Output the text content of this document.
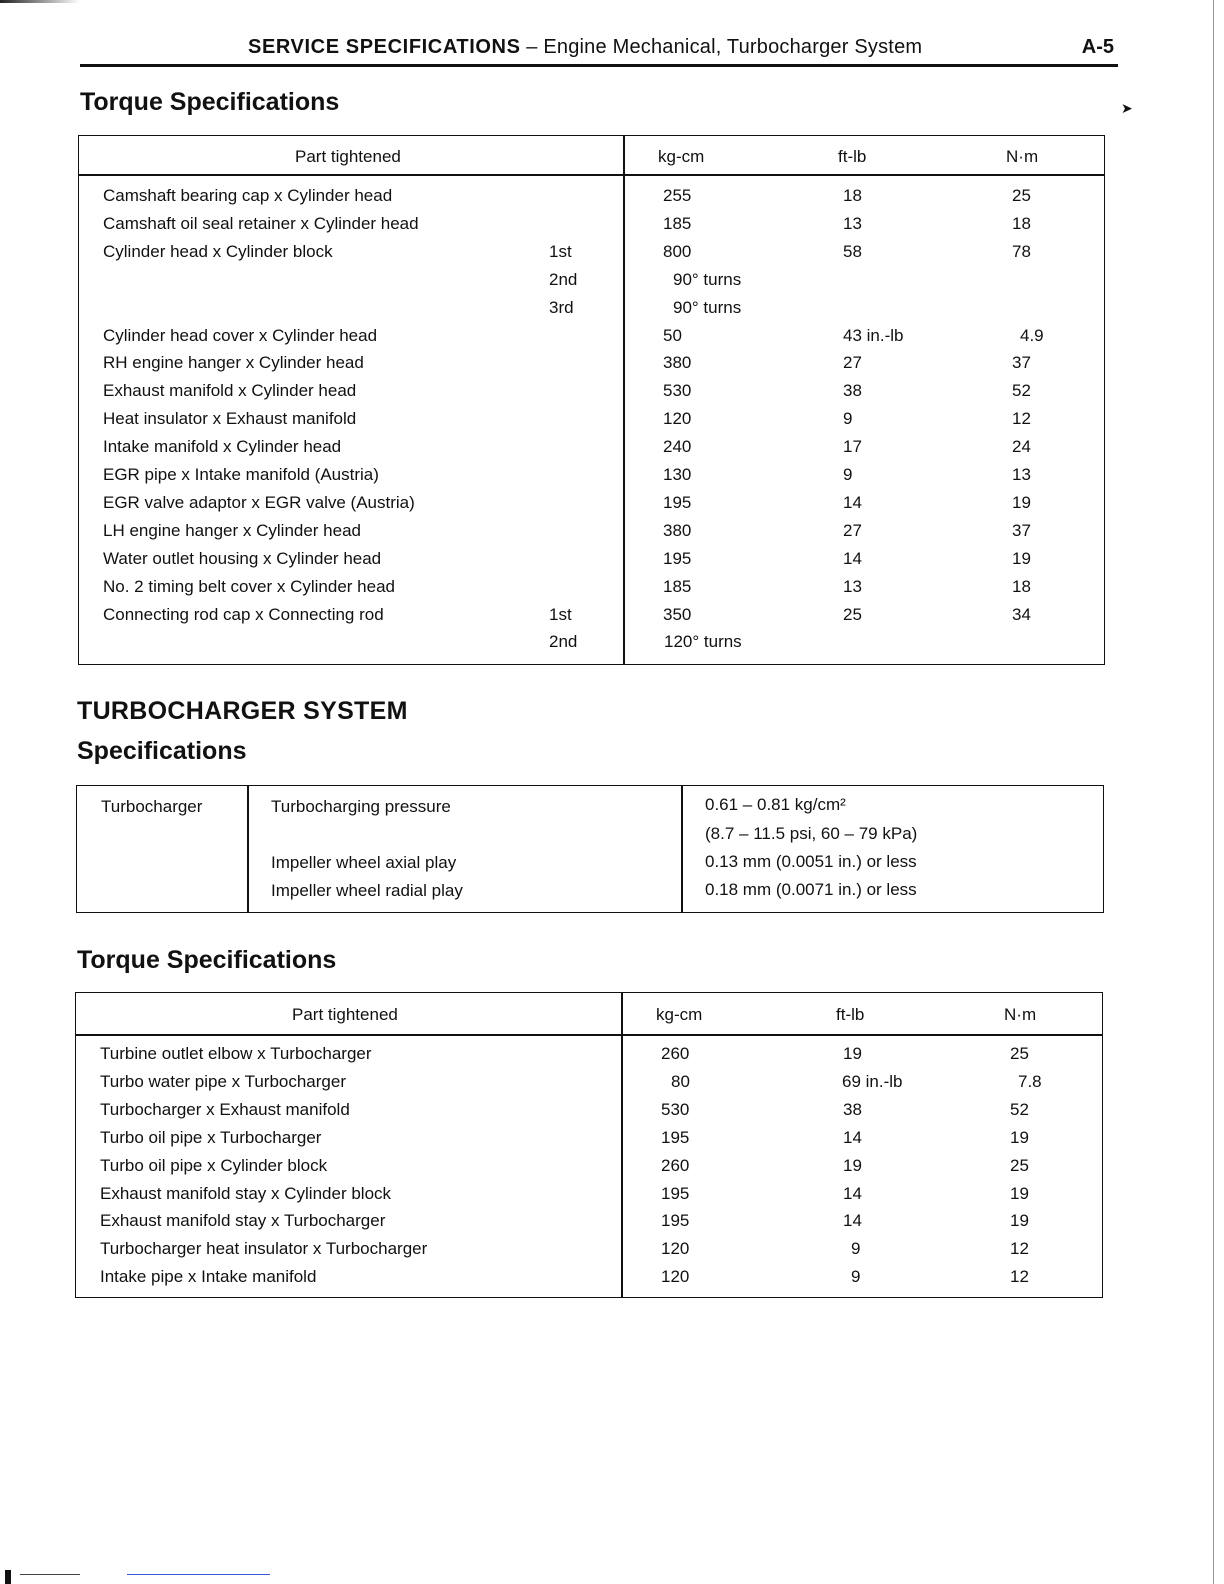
➤
SERVICE SPECIFICATIONS – Engine Mechanical, Turbocharger System	A-5
Torque Specifications
Part tightened	kg-cm	ft-lb	N·m
Camshaft bearing cap x Cylinder head	255	18	25
Camshaft oil seal retainer x Cylinder head	185	13	18
Cylinder head x Cylinder block	1st	800	58	78
2nd	90° turns
3rd	90° turns
Cylinder head cover x Cylinder head	50	43 in.-lb	4.9
RH engine hanger x Cylinder head	380	27	37
Exhaust manifold x Cylinder head	530	38	52
Heat insulator x Exhaust manifold	120	9	12
Intake manifold x Cylinder head	240	17	24
EGR pipe x Intake manifold (Austria)	130	9	13
EGR valve adaptor x EGR valve (Austria)	195	14	19
LH engine hanger x Cylinder head	380	27	37
Water outlet housing x Cylinder head	195	14	19
No. 2 timing belt cover x Cylinder head	185	13	18
Connecting rod cap x Connecting rod	1st	350	25	34
2nd	120° turns
TURBOCHARGER SYSTEM
Specifications
Turbocharger	Turbocharging pressure	0.61 – 0.81 kg/cm²
(8.7 – 11.5 psi, 60 – 79 kPa)
Impeller wheel axial play	0.13 mm (0.0051 in.) or less
Impeller wheel radial play	0.18 mm (0.0071 in.) or less
Torque Specifications
Part tightened	kg-cm	ft-lb	N·m
Turbine outlet elbow x Turbocharger	260	19	25
Turbo water pipe x Turbocharger	80	69 in.-lb	7.8
Turbocharger x Exhaust manifold	530	38	52
Turbo oil pipe x Turbocharger	195	14	19
Turbo oil pipe x Cylinder block	260	19	25
Exhaust manifold stay x Cylinder block	195	14	19
Exhaust manifold stay x Turbocharger	195	14	19
Turbocharger heat insulator x Turbocharger	120	9	12
Intake pipe x Intake manifold	120	9	12
